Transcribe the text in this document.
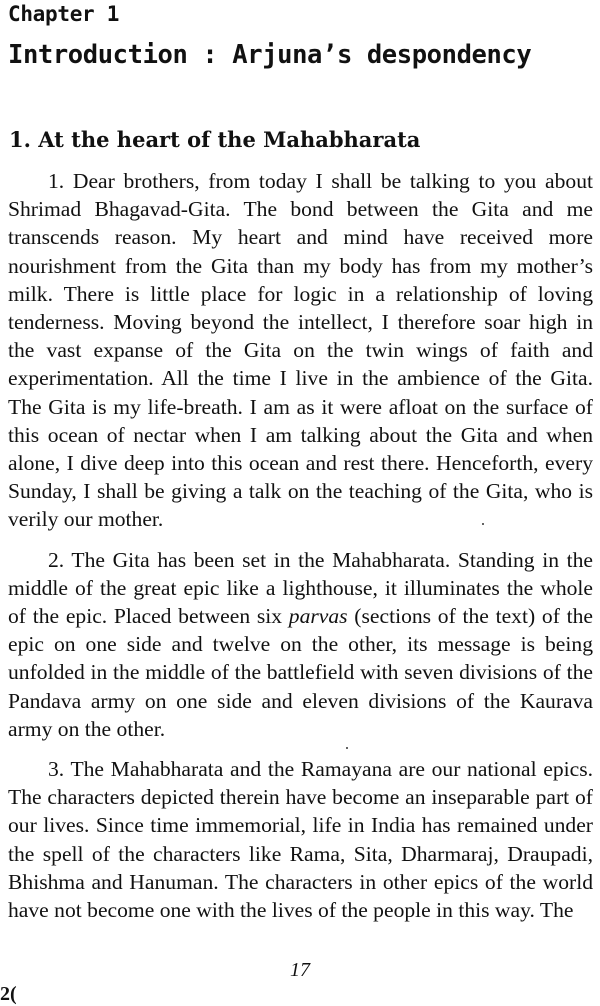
Chapter 1
Introduction : Arjuna’s despondency
1. At the heart of the Mahabharata

1. Dear brothers, from today I shall be talking to you about Shrimad Bhagavad-Gita. The bond between the Gita and me transcends reason. My heart and mind have received more nourishment from the Gita than my body has from my mother’s milk. There is little place for logic in a relationship of loving tenderness. Moving beyond the intellect, I therefore soar high in the vast expanse of the Gita on the twin wings of faith and experimentation. All the time I live in the ambience of the Gita. The Gita is my life-breath. I am as it were afloat on the surface of this ocean of nectar when I am talking about the Gita and when alone, I dive deep into this ocean and rest there. Henceforth, every Sunday, I shall be giving a talk on the teaching of the Gita, who is verily our mother.

2. The Gita has been set in the Mahabharata. Standing in the middle of the great epic like a lighthouse, it illuminates the whole of the epic. Placed between six parvas (sections of the text) of the epic on one side and twelve on the other, its message is being unfolded in the middle of the battlefield with seven divisions of the Pandava army on one side and eleven divisions of the Kaurava army on the other.

3. The Mahabharata and the Ramayana are our national epics. The characters depicted therein have become an inseparable part of our lives. Since time immemorial, life in India has remained under the spell of the characters like Rama, Sita, Dharmaraj, Draupadi, Bhishma and Hanuman. The characters in other epics of the world have not become one with the lives of the people in this way. The

17
2(
